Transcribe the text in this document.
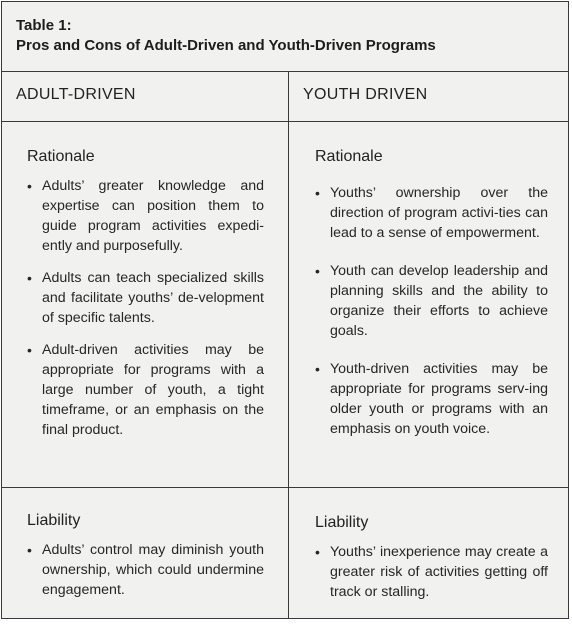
Table 1:
Pros and Cons of Adult-Driven and Youth-Driven Programs
ADULT-DRIVEN	YOUTH DRIVEN
Rationale
• Adults’ greater knowledge and expertise can position them to guide program activities expedi-ently and purposefully.
• Adults can teach specialized skills and facilitate youths’ de-velopment of specific talents.
• Adult-driven activities may be appropriate for programs with a large number of youth, a tight timeframe, or an emphasis on the final product.
Rationale
• Youths’ ownership over the direction of program activi-ties can lead to a sense of empowerment.
• Youth can develop leadership and planning skills and the ability to organize their efforts to achieve goals.
• Youth-driven activities may be appropriate for programs serv-ing older youth or programs with an emphasis on youth voice.
Liability
• Adults’ control may diminish youth ownership, which could undermine engagement.
Liability
• Youths’ inexperience may create a greater risk of activities getting off track or stalling.
